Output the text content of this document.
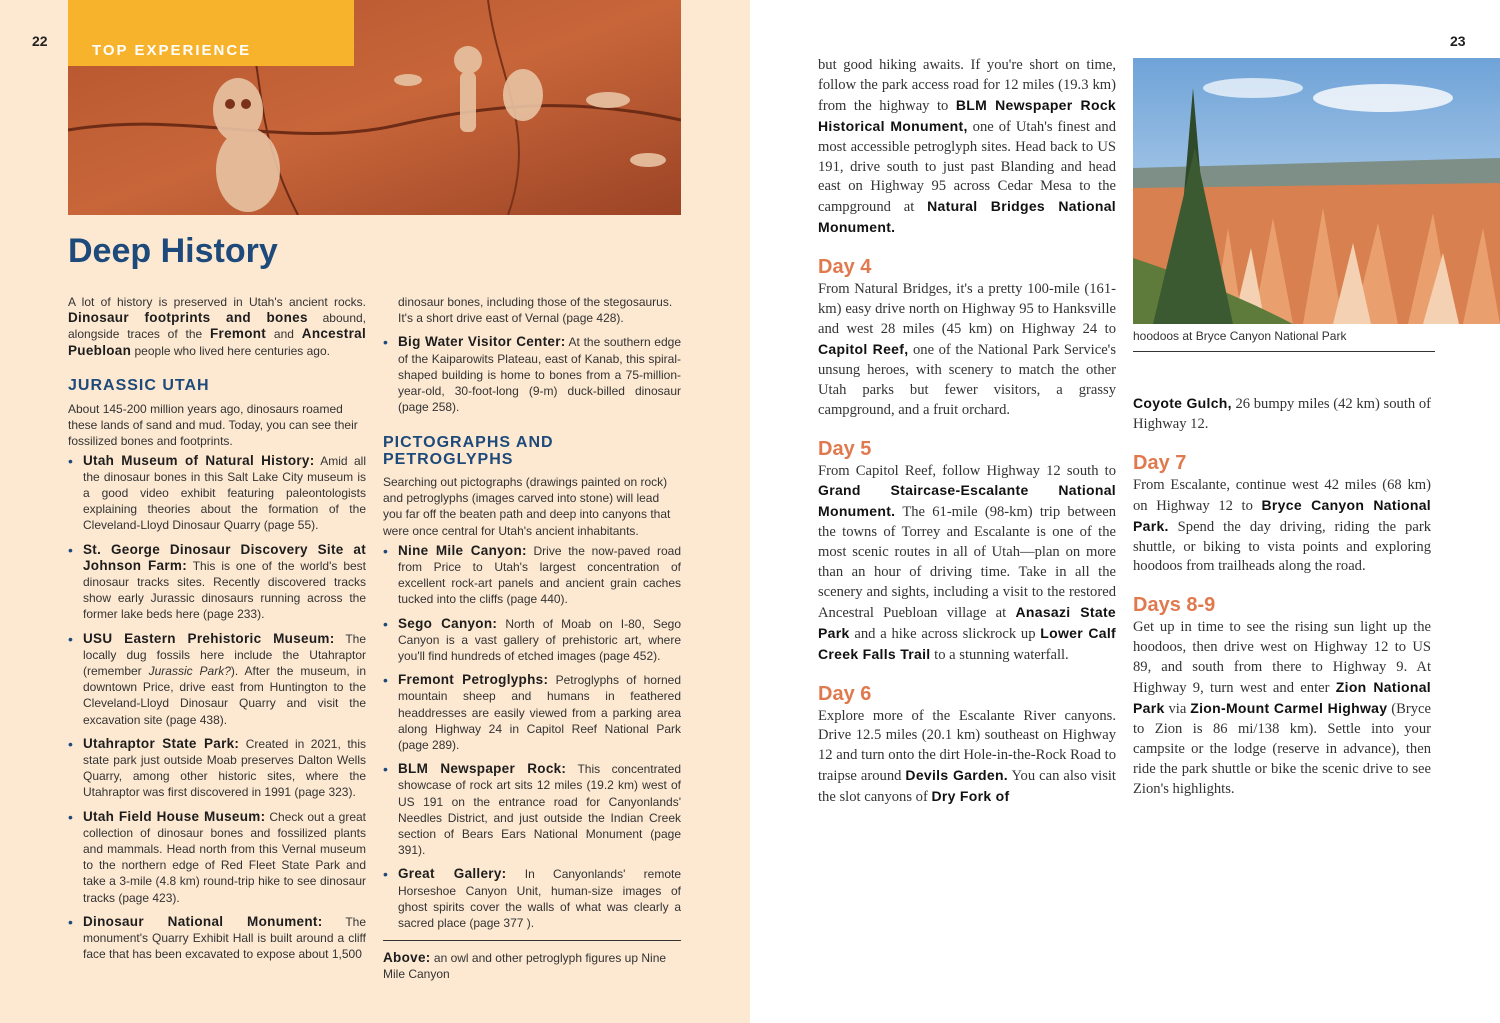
22
TOP EXPERIENCE
Deep History

A lot of history is preserved in Utah's ancient rocks. Dinosaur footprints and bones abound, alongside traces of the Fremont and Ancestral Puebloan people who lived here centuries ago.

JURASSIC UTAH

About 145-200 million years ago, dinosaurs roamed these lands of sand and mud. Today, you can see their fossilized bones and footprints.

• Utah Museum of Natural History: Amid all the dinosaur bones in this Salt Lake City museum is a good video exhibit featuring paleontologists explaining theories about the formation of the Cleveland-Lloyd Dinosaur Quarry (page 55).
• St. George Dinosaur Discovery Site at Johnson Farm: This is one of the world's best dinosaur tracks sites. Recently discovered tracks show early Jurassic dinosaurs running across the former lake beds here (page 233).
• USU Eastern Prehistoric Museum: The locally dug fossils here include the Utahraptor (remember Jurassic Park?). After the museum, in downtown Price, drive east from Huntington to the Cleveland-Lloyd Dinosaur Quarry and visit the excavation site (page 438).
• Utahraptor State Park: Created in 2021, this state park just outside Moab preserves Dalton Wells Quarry, among other historic sites, where the Utahraptor was first discovered in 1991 (page 323).
• Utah Field House Museum: Check out a great collection of dinosaur bones and fossilized plants and mammals. Head north from this Vernal museum to the northern edge of Red Fleet State Park and take a 3-mile (4.8 km) round-trip hike to see dinosaur tracks (page 423).
• Dinosaur National Monument: The monument's Quarry Exhibit Hall is built around a cliff face that has been excavated to expose about 1,500

dinosaur bones, including those of the stegosaurus. It's a short drive east of Vernal (page 428).

• Big Water Visitor Center: At the southern edge of the Kaiparowits Plateau, east of Kanab, this spiral-shaped building is home to bones from a 75-million-year-old, 30-foot-long (9-m) duck-billed dinosaur (page 258).
PICTOGRAPHS AND PETROGLYPHS

Searching out pictographs (drawings painted on rock) and petroglyphs (images carved into stone) will lead you far off the beaten path and deep into canyons that were once central for Utah's ancient inhabitants.

• Nine Mile Canyon: Drive the now-paved road from Price to Utah's largest concentration of excellent rock-art panels and ancient grain caches tucked into the cliffs (page 440).
• Sego Canyon: North of Moab on I-80, Sego Canyon is a vast gallery of prehistoric art, where you'll find hundreds of etched images (page 452).
• Fremont Petroglyphs: Petroglyphs of horned mountain sheep and humans in feathered headdresses are easily viewed from a parking area along Highway 24 in Capitol Reef National Park (page 289).
• BLM Newspaper Rock: This concentrated showcase of rock art sits 12 miles (19.2 km) west of US 191 on the entrance road for Canyonlands' Needles District, and just outside the Indian Creek section of Bears Ears National Monument (page 391).
• Great Gallery: In Canyonlands' remote Horseshoe Canyon Unit, human-size images of ghost spirits cover the walls of what was clearly a sacred place (page 377 ).
Above: an owl and other petroglyph figures up Nine Mile Canyon
23

but good hiking awaits. If you're short on time, follow the park access road for 12 miles (19.3 km) from the highway to BLM Newspaper Rock Historical Monument, one of Utah's finest and most accessible petroglyph sites. Head back to US 191, drive south to just past Blanding and head east on Highway 95 across Cedar Mesa to the campground at Natural Bridges National Monument.

Day 4

From Natural Bridges, it's a pretty 100-mile (161-km) easy drive north on Highway 95 to Hanksville and west 28 miles (45 km) on Highway 24 to Capitol Reef, one of the National Park Service's unsung heroes, with scenery to match the other Utah parks but fewer visitors, a grassy campground, and a fruit orchard.

Day 5

From Capitol Reef, follow Highway 12 south to Grand Staircase-Escalante National Monument. The 61-mile (98-km) trip between the towns of Torrey and Escalante is one of the most scenic routes in all of Utah—plan on more than an hour of driving time. Take in all the scenery and sights, including a visit to the restored Ancestral Puebloan village at Anasazi State Park and a hike across slickrock up Lower Calf Creek Falls Trail to a stunning waterfall.

Day 6

Explore more of the Escalante River canyons. Drive 12.5 miles (20.1 km) southeast on Highway 12 and turn onto the dirt Hole-in-the-Rock Road to traipse around Devils Garden. You can also visit the slot canyons of Dry Fork of

hoodoos at Bryce Canyon National Park

Coyote Gulch, 26 bumpy miles (42 km) south of Highway 12.

Day 7

From Escalante, continue west 42 miles (68 km) on Highway 12 to Bryce Canyon National Park. Spend the day driving, riding the park shuttle, or biking to vista points and exploring hoodoos from trailheads along the road.

Days 8-9

Get up in time to see the rising sun light up the hoodoos, then drive west on Highway 12 to US 89, and south from there to Highway 9. At Highway 9, turn west and enter Zion National Park via Zion-Mount Carmel Highway (Bryce to Zion is 86 mi/138 km). Settle into your campsite or the lodge (reserve in advance), then ride the park shuttle or bike the scenic drive to see Zion's highlights.
